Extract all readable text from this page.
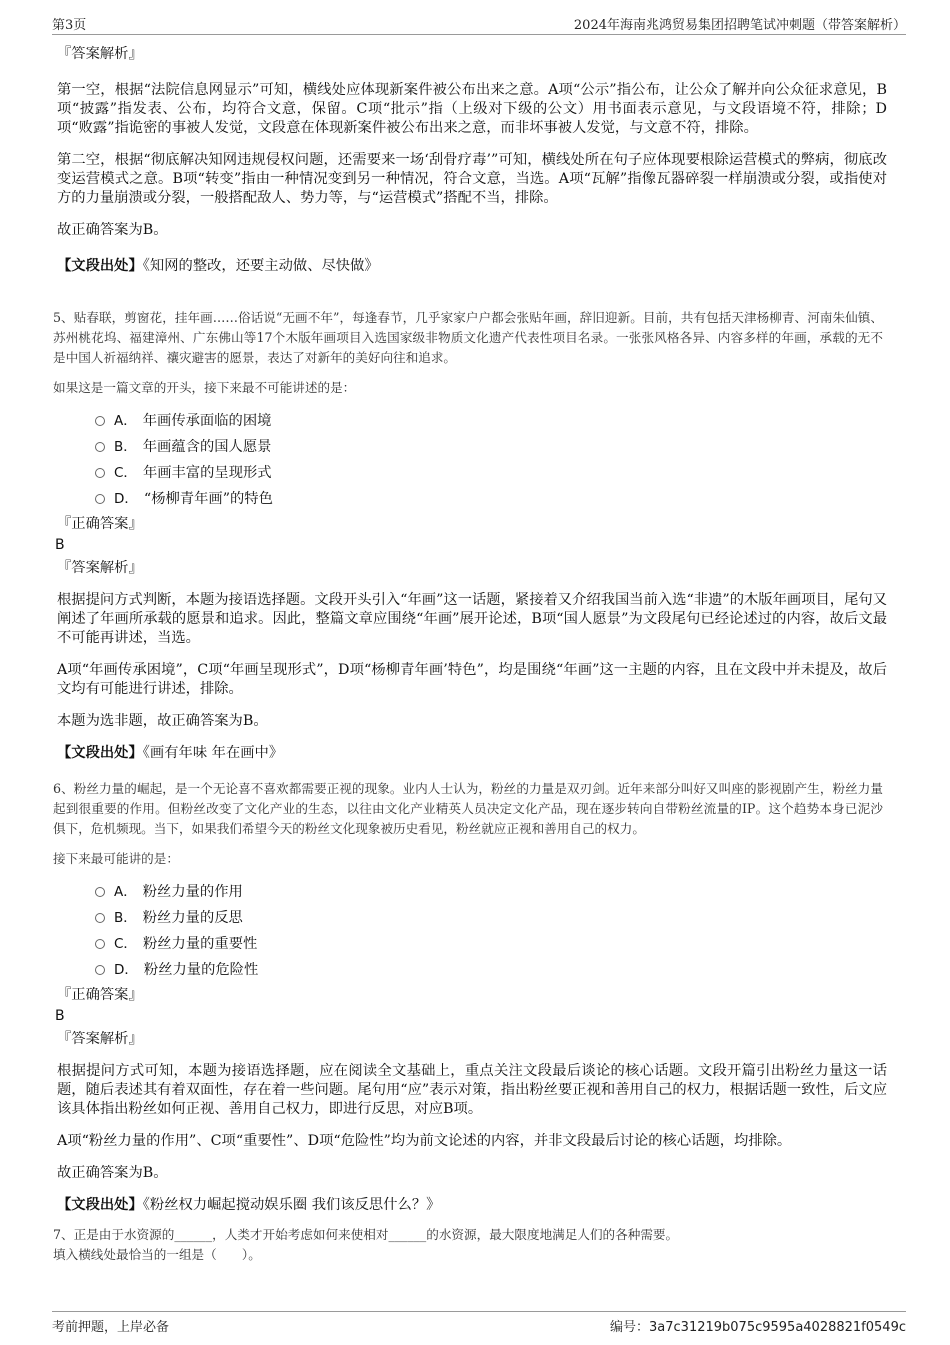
第3页	2024年海南兆鸿贸易集团招聘笔试冲刺题（带答案解析）

『答案解析』

第一空，根据“法院信息网显示”可知，横线处应体现新案件被公布出来之意。A项“公示”指公布，让公众了解并向公众征求意见，B项“披露”指发表、公布，均符合文意，保留。C项“批示”指（上级对下级的公文）用书面表示意见，与文段语境不符，排除；D项“败露”指诡密的事被人发觉，文段意在体现新案件被公布出来之意，而非坏事被人发觉，与文意不符，排除。

第二空，根据“彻底解决知网违规侵权问题，还需要来一场‘刮骨疗毒’”可知，横线处所在句子应体现要根除运营模式的弊病，彻底改变运营模式之意。B项“转变”指由一种情况变到另一种情况，符合文意，当选。A项“瓦解”指像瓦器碎裂一样崩溃或分裂，或指使对方的力量崩溃或分裂，一般搭配敌人、势力等，与“运营模式”搭配不当，排除。

故正确答案为B。

【文段出处】《知网的整改，还要主动做、尽快做》

5、贴春联，剪窗花，挂年画……俗话说“无画不年”，每逢春节，几乎家家户户都会张贴年画，辞旧迎新。目前，共有包括天津杨柳青、河南朱仙镇、苏州桃花坞、福建漳州、广东佛山等17个木版年画项目入选国家级非物质文化遗产代表性项目名录。一张张风格各异、内容多样的年画，承载的无不是中国人祈福纳祥、禳灾避害的愿景，表达了对新年的美好向往和追求。

如果这是一篇文章的开头，接下来最不可能讲述的是：

A． 年画传承面临的困境
B． 年画蕴含的国人愿景
C． 年画丰富的呈现形式
D． “杨柳青年画”的特色

『正确答案』

B

『答案解析』

根据提问方式判断，本题为接语选择题。文段开头引入“年画”这一话题，紧接着又介绍我国当前入选“非遗”的木版年画项目，尾句又阐述了年画所承载的愿景和追求。因此，整篇文章应围绕“年画”展开论述，B项“国人愿景”为文段尾句已经论述过的内容，故后文最不可能再讲述，当选。

A项“年画传承困境”，C项“年画呈现形式”，D项“杨柳青年画’特色”，均是围绕“年画”这一主题的内容，且在文段中并未提及，故后文均有可能进行讲述，排除。

本题为选非题，故正确答案为B。

【文段出处】《画有年味 年在画中》

6、粉丝力量的崛起，是一个无论喜不喜欢都需要正视的现象。业内人士认为，粉丝的力量是双刃剑。近年来部分叫好又叫座的影视剧产生，粉丝力量起到很重要的作用。但粉丝改变了文化产业的生态，以往由文化产业精英人员决定文化产品，现在逐步转向自带粉丝流量的IP。这个趋势本身已泥沙俱下，危机频现。当下，如果我们希望今天的粉丝文化现象被历史看见，粉丝就应正视和善用自己的权力。

接下来最可能讲的是：

A． 粉丝力量的作用
B． 粉丝力量的反思
C． 粉丝力量的重要性
D． 粉丝力量的危险性

『正确答案』

B

『答案解析』

根据提问方式可知，本题为接语选择题，应在阅读全文基础上，重点关注文段最后谈论的核心话题。文段开篇引出粉丝力量这一话题，随后表述其有着双面性，存在着一些问题。尾句用“应”表示对策，指出粉丝要正视和善用自己的权力，根据话题一致性，后文应该具体指出粉丝如何正视、善用自己权力，即进行反思，对应B项。

A项“粉丝力量的作用”、C项“重要性”、D项“危险性”均为前文论述的内容，并非文段最后讨论的核心话题，均排除。

故正确答案为B。

【文段出处】《粉丝权力崛起搅动娱乐圈 我们该反思什么？》

7、正是由于水资源的______，人类才开始考虑如何来使相对______的水资源，最大限度地满足人们的各种需要。

填入横线处最恰当的一组是（　　）。

考前押题，上岸必备	编号：3a7c31219b075c9595a4028821f0549c
